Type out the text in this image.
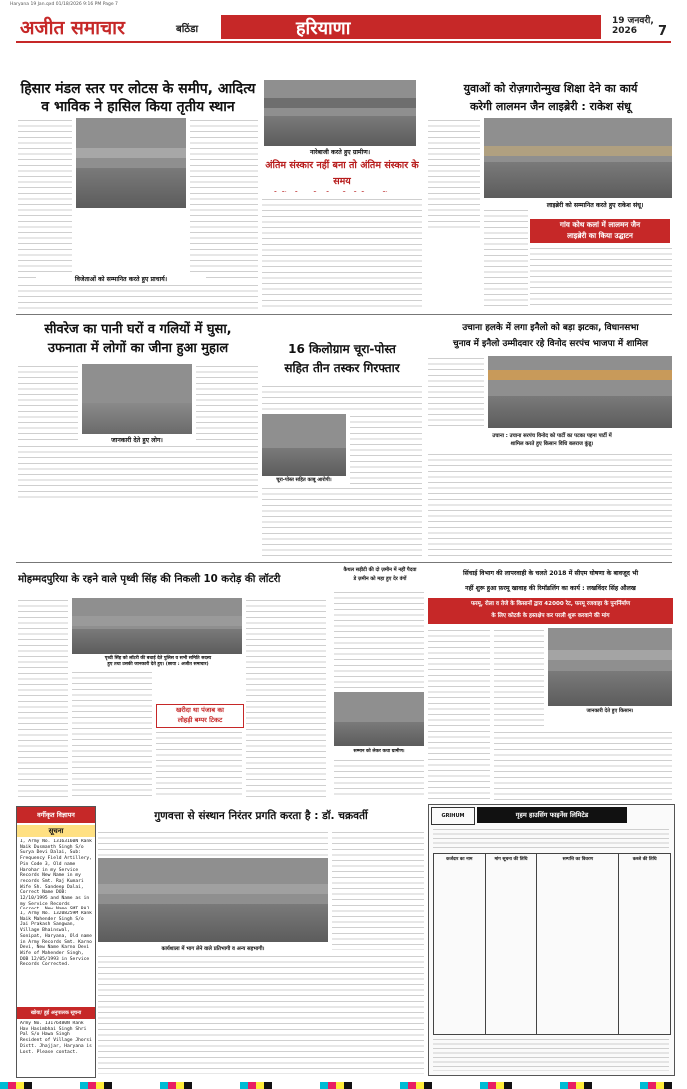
Haryana 19 Jan.qxd 01/18/2026 9:16 PM Page 7
अजीत समाचार	बठिंडा	हरियाणा	19 जनवरी, 2026	7
हिसार मंडल स्तर पर लोटस के समीप, आदित्य
व भाविक ने हासिल किया तृतीय स्थान
विजेताओं को सम्मानित करते हुए प्राचार्य।
नारेबाजी करते हुए ग्रामीण।
अंतिम संस्कार नहीं बना तो अंतिम संस्कार के समय
युवाओं को रोज़गारोन्मुख शिक्षा देने का कार्य
करेगी लालमन जैन लाइब्रेरी : राकेश संधू
लाइब्रेरी को सम्मानित करते हुए राकेश संधू।
गांव कोथ कलां में लालमन जैन
लाइब्रेरी का किया उद्घाटन
सीवरेज का पानी घरों व गलियों में घुसा,
उफनाता में लोगों का जीना हुआ मुहाल
जानकारी देते हुए लोग।
16 किलोग्राम चूरा-पोस्त
सहित तीन तस्कर गिरफ्तार
चूरा-पोस्त सहित काबू आरोपी।
उचाना हलके में लगा इनैलो को बड़ा झटका, विधानसभा
चुनाव में इनैलो उम्मीदवार रहे विनोद सरपंच भाजपा में शामिल
उचाना : उचाना सरपंच विनोद को पार्टी का पटका पहना पार्टी में
शामिल करते हुए किसान विधि बलराज कुंडू।
मोहम्मदपुरिया के रहने वाले पृथ्वी सिंह की निकली 10 करोड़ की लॉटरी
पृथ्वी सिंह को लॉटरी की बधाई देते पुलिस व सभी समिति सदस्य
हुए तथा उसकी जानकारी देते हुए। (छाया : अजीत समाचार)
खरीदा था पंजाब का
लोहड़ी बम्पर टिकट
कैथल सड़ीटी की दो ज़मीन में नहीं पैदवा
डे ज़मीन को महा हुए देर वंगों
सम्मान को लेकर कथा ग्रामीण।
सिंचाई विभाग की लापरवाही के चलते 2018 में सीएम घोषणा के बावजूद भी
नहीं शुरू हुआ फ़रमू खावाह की रिमॉडलिंग का कार्य : लखविंदर सिंह औलख
फरमू, रोला व तेजे के किसानों द्वारा 42000 रेट, फरमू रजवाहा के पुनर्निर्माण
के लिए कोटर्क के हस्तक्षेप कर परली शुरू करवाने की मांग
जानकारी देते हुए किसान।
GRIHUM	गृहम हाउसिंग फाइनेंस लिमिटेड
कर्जदार का नाम	मांग सूचना की तिथि	सम्पत्ति का विवरण	कब्जे की तिथि
वर्गीकृत विज्ञापन
सूचना
I, Army No. 13163160N Rank Naik Dusmanth Singh S/o Surya Devi Dalai, Sub: Frequency Field Artillery, Pin Code 3, Old name Harohar in my Service Records New Name in my records Smt. Raj Kumari Wife Sh. Sandeep Dalai, Correct Name DOB: 12/10/1995 and Name as in my Service Records
I, Army No. 13208259M Rank Naik Mahender Singh S/o Jai Prakash Sangwan, Village Bhainswal, Sonipat, Haryana, Old name in Army Records Smt. Karno Devi, New Name Karno Devi Wife of Mahender Singh, DOB 12/05/1993 in Service Records Corrected.
खोया/ हुई अनुपालक सूचना
Army No. 13176480N Rank Hav Hasimbhai Singh Shri Pal S/o Hawa Singh Resident of Village Jhorsi Distt. Jhajjar, Haryana is Lost. Please contact.
गुणवत्ता से संस्थान निरंतर प्रगति करता है : डॉ. चक्रवर्ती
कार्यशाला में भाग लेने वाले प्रतिभागी व अन्य सहभागी।
